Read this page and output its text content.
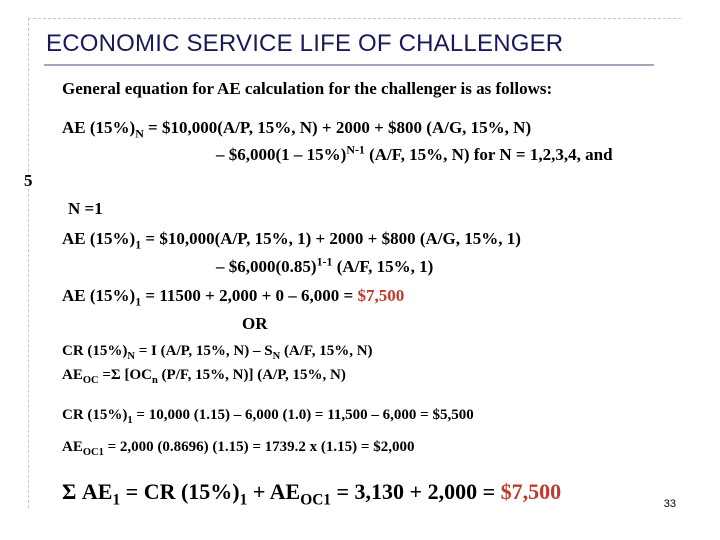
ECONOMIC SERVICE LIFE OF CHALLENGER
General equation for AE calculation for the challenger is as follows:
AE $(15\%)_N$ = $10,000(A/P, 15%, N) + 2000 + $800 (A/G, 15%, N)
– $6,000(1 – 15%)$^{N-1}$ (A/F, 15%, N) for N = 1,2,3,4, and
5
N =1
AE $(15\%)_1$ = $10,000(A/P, 15%, 1) + 2000 + $800 (A/G, 15%, 1)
– $\$6,000(0.85)^{1-1}$ (A/F, 15%, 1)
AE $(15\%)_1 = 11500 + 2,000 + 0 - 6,000$ = $7,500
OR
CR $(15\%)_N = I$ (A/P, 15%, $N) - S_N$ (A/F, 15%, N)
$AE_{OC} =\Sigma$ [$OC_n$ (P/F, 15%, N)] (A/P, 15%, N)
CR $(15\%)_1 = 10,000$ (1.15) – 6,000 (1.0) = 11,500 – 6,000 = $5,500
$AE_{OC1} = 2,000$ (0.8696) (1.15) = 1739.2 x (1.15) = $2,000
Σ $AE_1$ = CR $(15\%)_1 + AE_{OC1} = 3,130 + 2,000$ = $7,500	33
